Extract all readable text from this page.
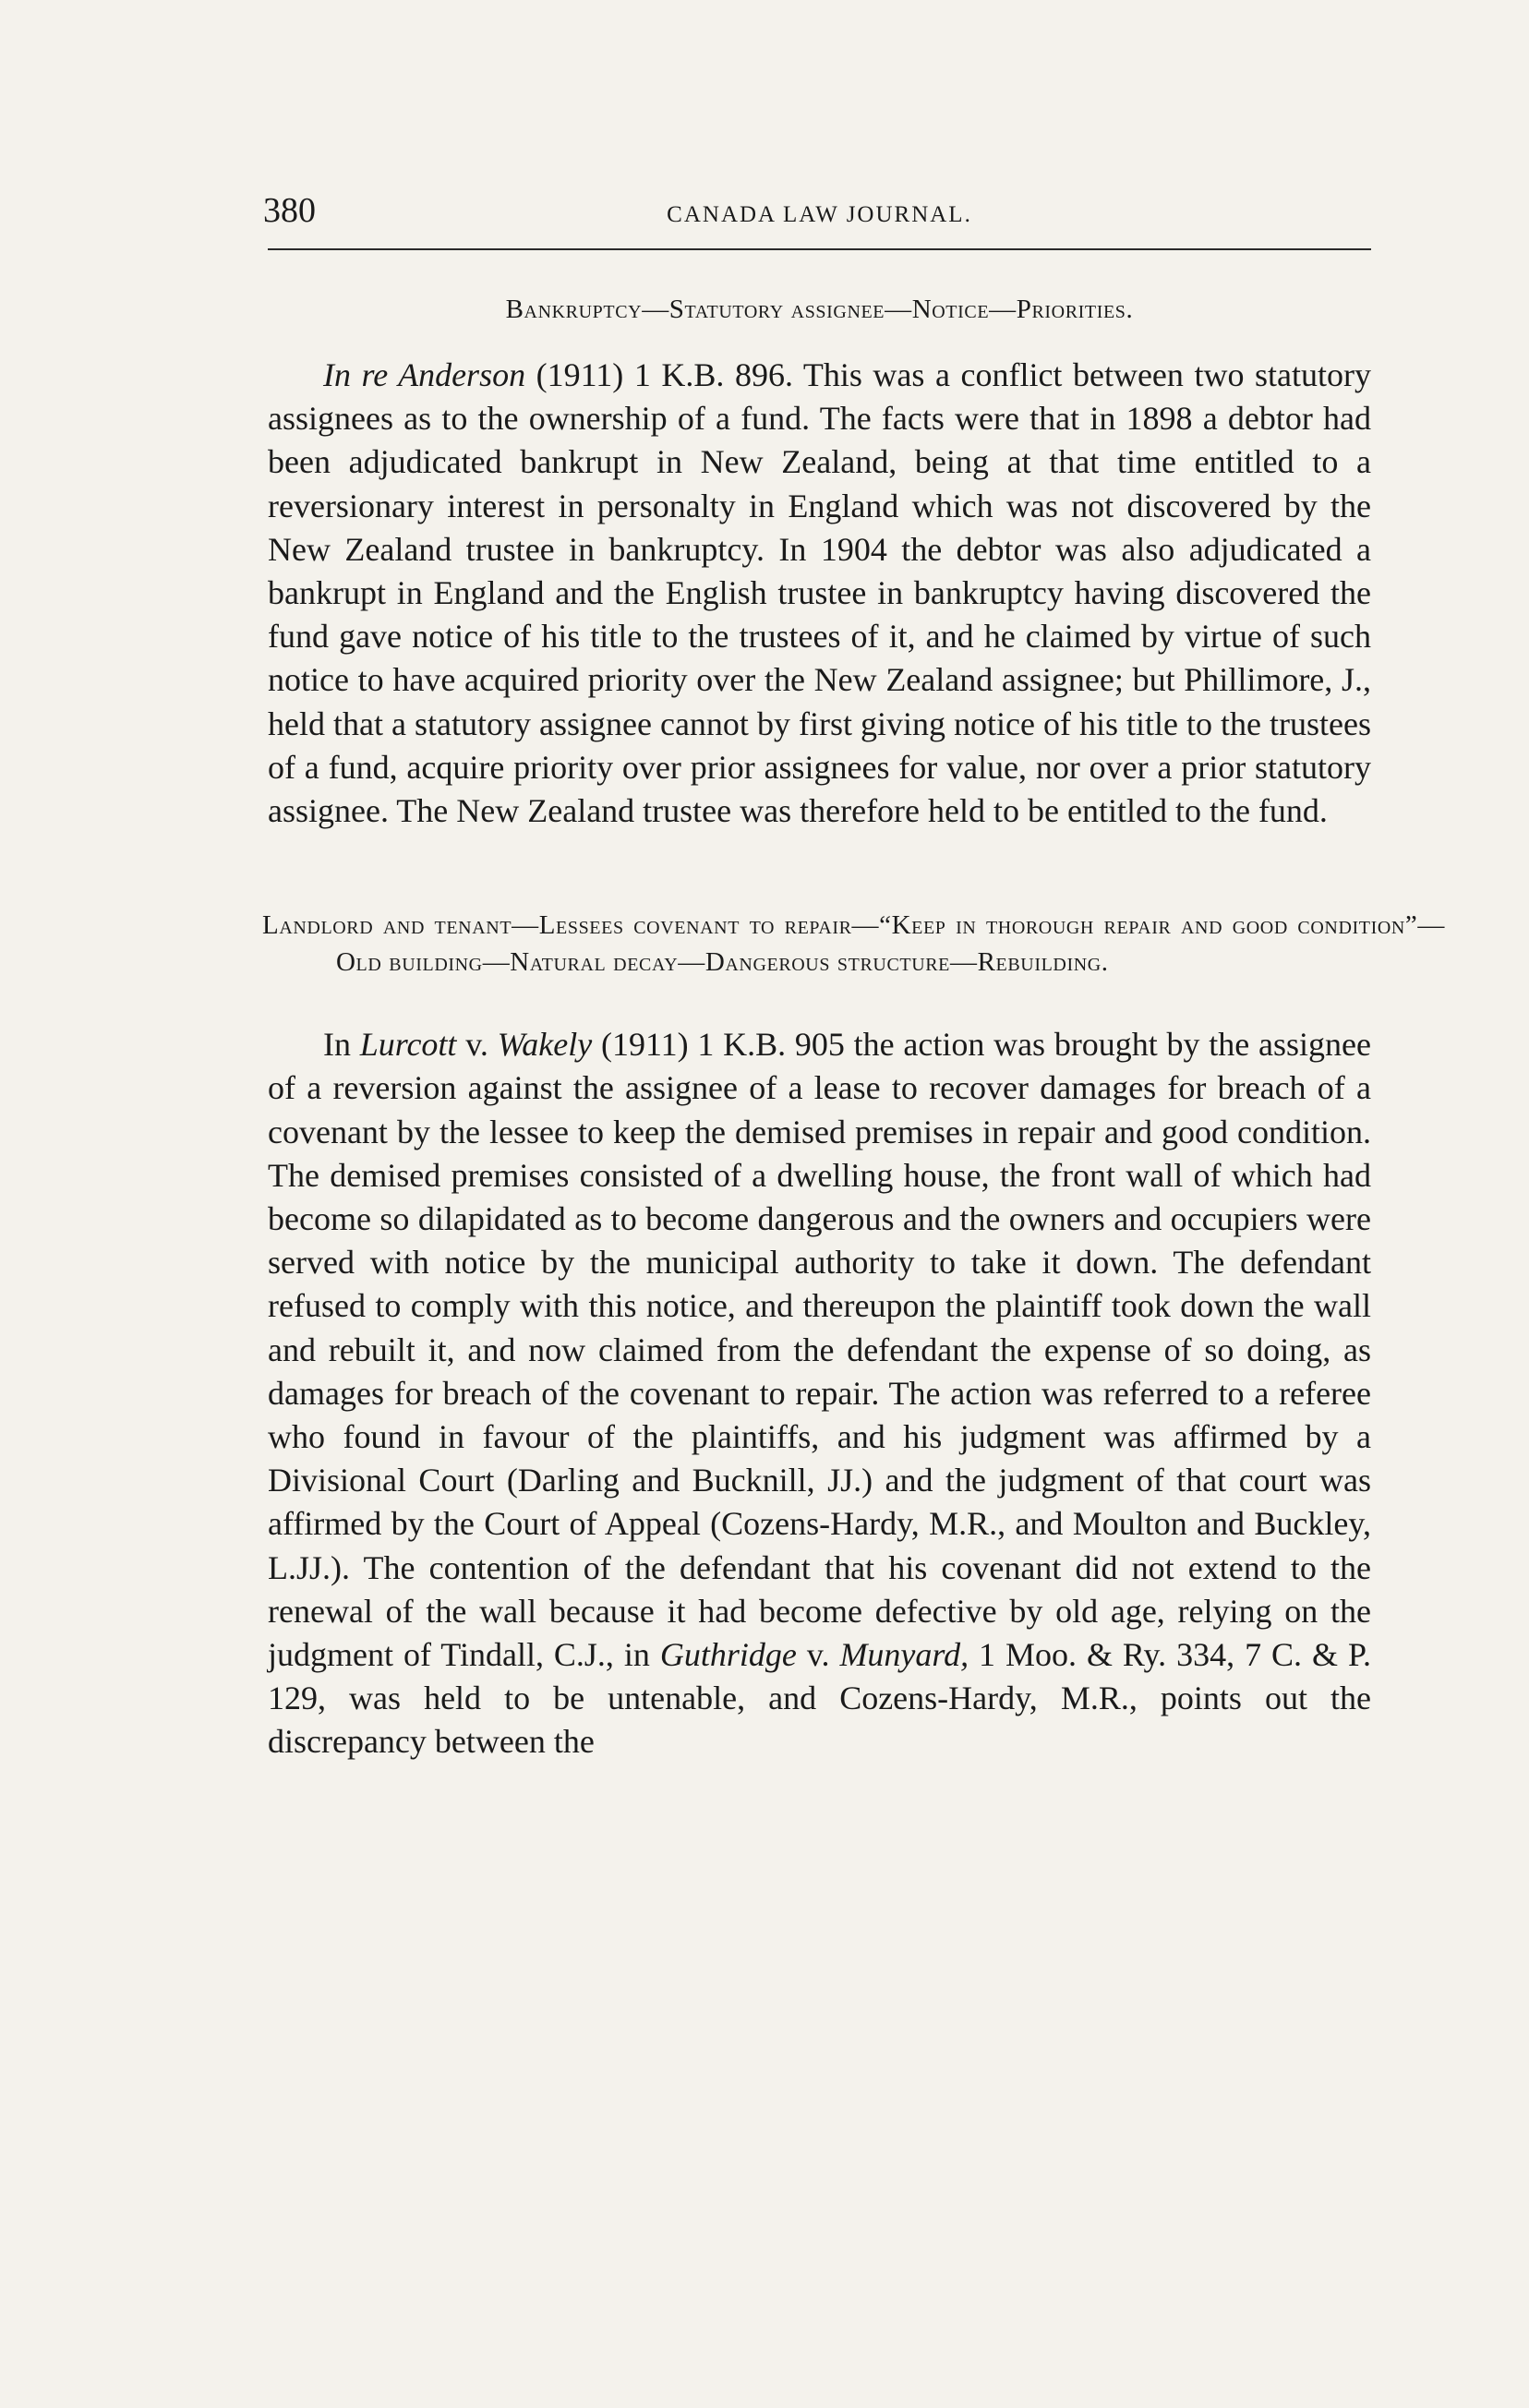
380	CANADA LAW JOURNAL.

Bankruptcy—Statutory assignee—Notice—Priorities.

In re Anderson (1911) 1 K.B. 896. This was a conflict between two statutory assignees as to the ownership of a fund. The facts were that in 1898 a debtor had been adjudicated bankrupt in New Zealand, being at that time entitled to a reversionary interest in personalty in England which was not discovered by the New Zealand trustee in bankruptcy. In 1904 the debtor was also adjudicated a bankrupt in England and the English trustee in bankruptcy having discovered the fund gave notice of his title to the trustees of it, and he claimed by virtue of such notice to have acquired priority over the New Zealand assignee; but Phillimore, J., held that a statutory assignee cannot by first giving notice of his title to the trustees of a fund, acquire priority over prior assignees for value, nor over a prior statutory assignee. The New Zealand trustee was therefore held to be entitled to the fund.

Landlord and tenant—Lessees covenant to repair—“Keep in thorough repair and good condition”—Old building—Natural decay—Dangerous structure—Rebuilding.

In Lurcott v. Wakely (1911) 1 K.B. 905 the action was brought by the assignee of a reversion against the assignee of a lease to recover damages for breach of a covenant by the lessee to keep the demised premises in repair and good condition. The demised premises consisted of a dwelling house, the front wall of which had become so dilapidated as to become dangerous and the owners and occupiers were served with notice by the municipal authority to take it down. The defendant refused to comply with this notice, and thereupon the plaintiff took down the wall and rebuilt it, and now claimed from the defendant the expense of so doing, as damages for breach of the covenant to repair. The action was referred to a referee who found in favour of the plaintiffs, and his judgment was affirmed by a Divisional Court (Darling and Bucknill, JJ.) and the judgment of that court was affirmed by the Court of Appeal (Cozens-Hardy, M.R., and Moulton and Buckley, L.JJ.). The contention of the defendant that his covenant did not extend to the renewal of the wall because it had become defective by old age, relying on the judgment of Tindall, C.J., in Guthridge v. Munyard, 1 Moo. & Ry. 334, 7 C. & P. 129, was held to be untenable, and Cozens-Hardy, M.R., points out the discrepancy between the
